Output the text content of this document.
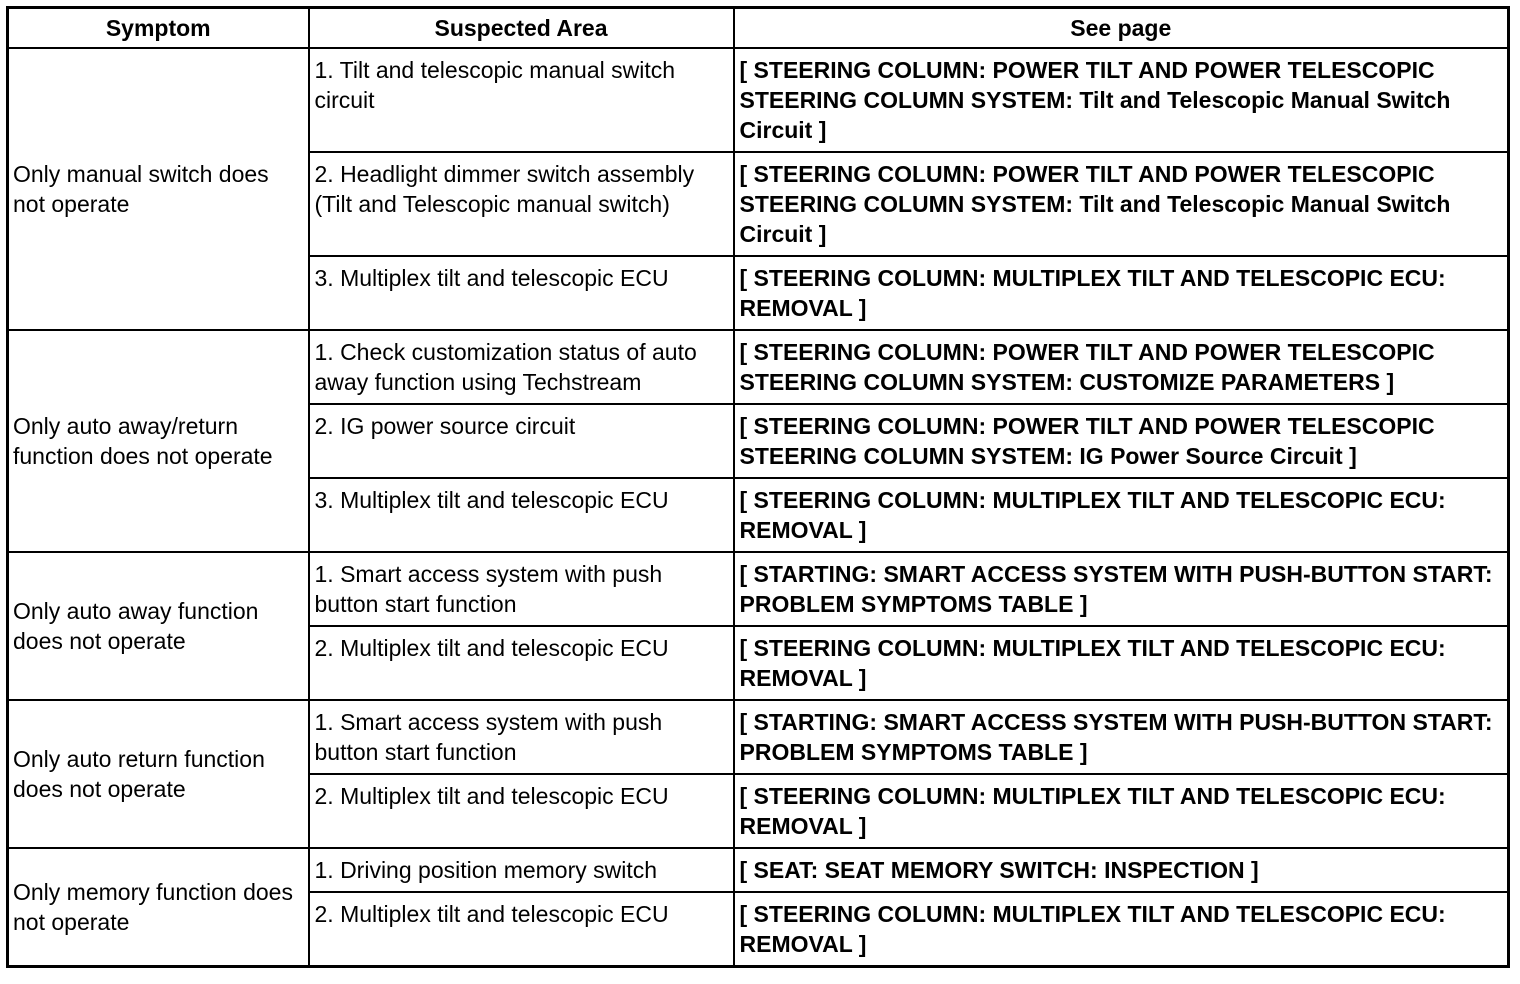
Symptom	Suspected Area	See page
Only manual switch does not operate	1. Tilt and telescopic manual switch circuit	[ STEERING COLUMN: POWER TILT AND POWER TELESCOPIC STEERING COLUMN SYSTEM: Tilt and Telescopic Manual Switch Circuit ]
	2. Headlight dimmer switch assembly (Tilt and Telescopic manual switch)	[ STEERING COLUMN: POWER TILT AND POWER TELESCOPIC STEERING COLUMN SYSTEM: Tilt and Telescopic Manual Switch Circuit ]
	3. Multiplex tilt and telescopic ECU	[ STEERING COLUMN: MULTIPLEX TILT AND TELESCOPIC ECU: REMOVAL ]
Only auto away/return function does not operate	1. Check customization status of auto away function using Techstream	[ STEERING COLUMN: POWER TILT AND POWER TELESCOPIC STEERING COLUMN SYSTEM: CUSTOMIZE PARAMETERS ]
	2. IG power source circuit	[ STEERING COLUMN: POWER TILT AND POWER TELESCOPIC STEERING COLUMN SYSTEM: IG Power Source Circuit ]
	3. Multiplex tilt and telescopic ECU	[ STEERING COLUMN: MULTIPLEX TILT AND TELESCOPIC ECU: REMOVAL ]
Only auto away function does not operate	1. Smart access system with push button start function	[ STARTING: SMART ACCESS SYSTEM WITH PUSH-BUTTON START: PROBLEM SYMPTOMS TABLE ]
	2. Multiplex tilt and telescopic ECU	[ STEERING COLUMN: MULTIPLEX TILT AND TELESCOPIC ECU: REMOVAL ]
Only auto return function does not operate	1. Smart access system with push button start function	[ STARTING: SMART ACCESS SYSTEM WITH PUSH-BUTTON START: PROBLEM SYMPTOMS TABLE ]
	2. Multiplex tilt and telescopic ECU	[ STEERING COLUMN: MULTIPLEX TILT AND TELESCOPIC ECU: REMOVAL ]
Only memory function does not operate	1. Driving position memory switch	[ SEAT: SEAT MEMORY SWITCH: INSPECTION ]
	2. Multiplex tilt and telescopic ECU	[ STEERING COLUMN: MULTIPLEX TILT AND TELESCOPIC ECU: REMOVAL ]
